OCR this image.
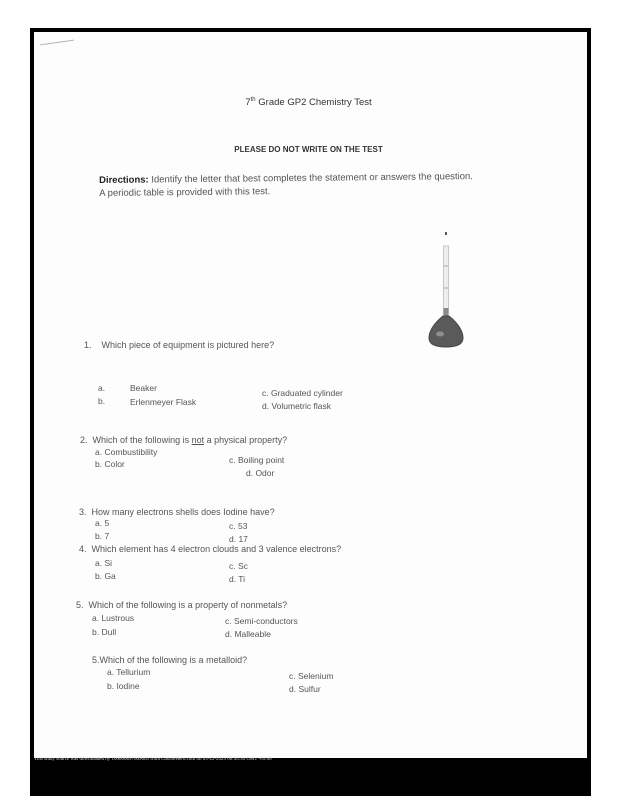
7th Grade GP2 Chemistry Test
PLEASE DO NOT WRITE ON THE TEST
Directions: Identify the letter that best completes the statement or answers the question.
A periodic table is provided with this test.
1. Which piece of equipment is pictured here?
a.	Beaker
b.	Erlenmeyer Flask
c. Graduated cylinder
d. Volumetric flask
2. Which of the following is not a physical property?
a. Combustibility
b. Color	c. Boiling point
d. Odor
3. How many electrons shells does Iodine have?
a. 5
b. 7
c. 53
d. 17
4. Which element has 4 electron clouds and 3 valence electrons?
a. Si
b. Ga
c. Sc
d. Ti
5. Which of the following is a property of nonmetals?
a. Lustrous
b. Dull
c. Semi-conductors
d. Malleable
5.Which of the following is a metalloid?
a. Tellurium
b. Iodine
c. Selenium
d. Sulfur
This study source was downloaded by 100000897669663 from CourseHero.com on 03-22-2025 06:30:30 GMT -05:00
